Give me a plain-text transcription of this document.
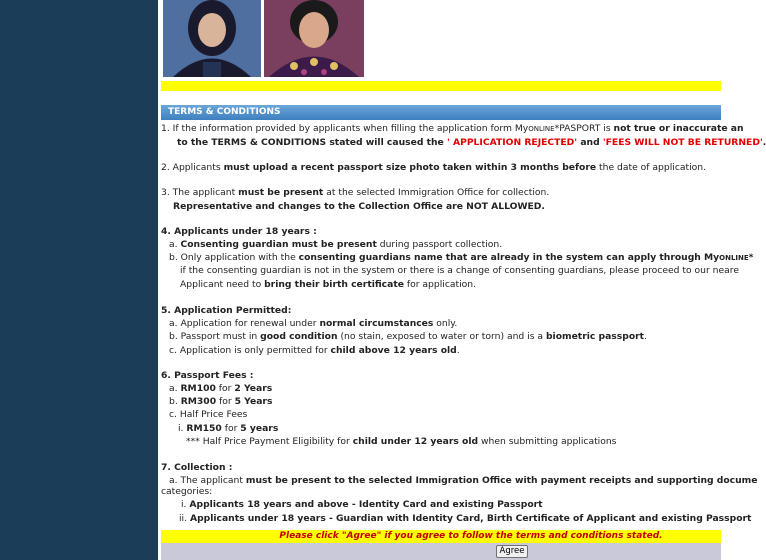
TERMS & CONDITIONS
1. If the information provided by applicants when filling the application form MyONLINE*PASPORT is not true or inaccurate an
to the TERMS & CONDITIONS stated will caused the ' APPLICATION REJECTED' and 'FEES WILL NOT BE RETURNED'.
2. Applicants must upload a recent passport size photo taken within 3 months before the date of application.
3. The applicant must be present at the selected Immigration Office for collection.
Representative and changes to the Collection Office are NOT ALLOWED.
4. Applicants under 18 years :
a. Consenting guardian must be present during passport collection.
b. Only application with the consenting guardians name that are already in the system can apply through MyONLINE*
if the consenting guardian is not in the system or there is a change of consenting guardians, please proceed to our neare
Applicant need to bring their birth certificate for application.
5. Application Permitted:
a. Application for renewal under normal circumstances only.
b. Passport must in good condition (no stain, exposed to water or torn) and is a biometric passport.
c. Application is only permitted for child above 12 years old.
6. Passport Fees :
a. RM100 for 2 Years
b. RM300 for 5 Years
c. Half Price Fees
i. RM150 for 5 years
*** Half Price Payment Eligibility for child under 12 years old when submitting applications
7. Collection :
a. The applicant must be present to the selected Immigration Office with payment receipts and supporting docume
categories:
i. Applicants 18 years and above - Identity Card and existing Passport
ii. Applicants under 18 years - Guardian with Identity Card, Birth Certificate of Applicant and existing Passport
Please click "Agree" if you agree to follow the terms and conditions stated.
Agree
